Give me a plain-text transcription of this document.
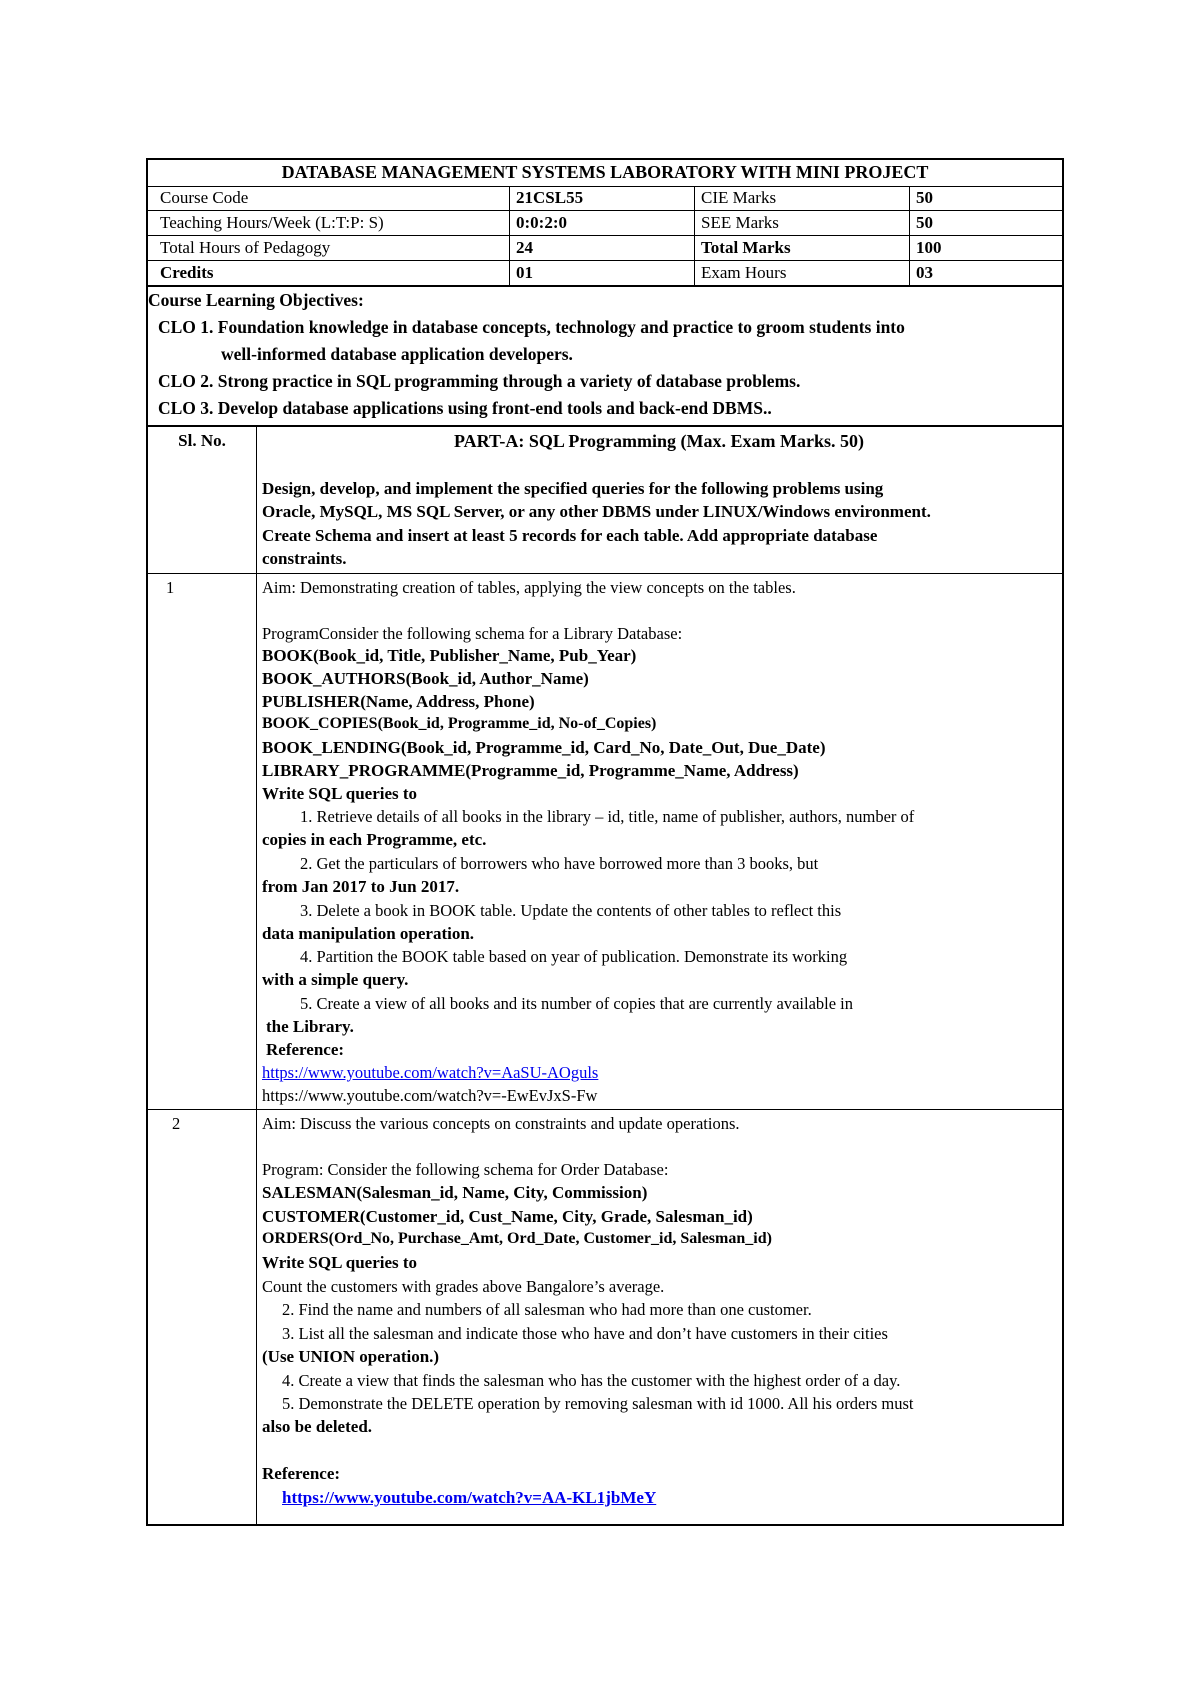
DATABASE MANAGEMENT SYSTEMS LABORATORY WITH MINI PROJECT
Course Code	21CSL55	CIE Marks	50
Teaching Hours/Week (L:T:P: S)	0:0:2:0	SEE Marks	50
Total Hours of Pedagogy	24	Total Marks	100
Credits	01	Exam Hours	03
Course Learning Objectives:
CLO 1. Foundation knowledge in database concepts, technology and practice to groom students into
well-informed database application developers.
CLO 2. Strong practice in SQL programming through a variety of database problems.
CLO 3. Develop database applications using front-end tools and back-end DBMS..
Sl. No.	PART-A: SQL Programming (Max. Exam Marks. 50)
Design, develop, and implement the specified queries for the following problems using
Oracle, MySQL, MS SQL Server, or any other DBMS under LINUX/Windows environment.
Create Schema and insert at least 5 records for each table. Add appropriate database
constraints.
1	Aim: Demonstrating creation of tables, applying the view concepts on the tables.
ProgramConsider the following schema for a Library Database:
BOOK(Book_id, Title, Publisher_Name, Pub_Year)
BOOK_AUTHORS(Book_id, Author_Name)
PUBLISHER(Name, Address, Phone)
BOOK_COPIES(Book_id, Programme_id, No-of_Copies)
BOOK_LENDING(Book_id, Programme_id, Card_No, Date_Out, Due_Date)
LIBRARY_PROGRAMME(Programme_id, Programme_Name, Address)
Write SQL queries to
1. Retrieve details of all books in the library – id, title, name of publisher, authors, number of
copies in each Programme, etc.
2. Get the particulars of borrowers who have borrowed more than 3 books, but
from Jan 2017 to Jun 2017.
3. Delete a book in BOOK table. Update the contents of other tables to reflect this
data manipulation operation.
4. Partition the BOOK table based on year of publication. Demonstrate its working
with a simple query.
5. Create a view of all books and its number of copies that are currently available in
the Library.
Reference:
https://www.youtube.com/watch?v=AaSU-AOguls
https://www.youtube.com/watch?v=-EwEvJxS-Fw
2	Aim: Discuss the various concepts on constraints and update operations.
Program: Consider the following schema for Order Database:
SALESMAN(Salesman_id, Name, City, Commission)
CUSTOMER(Customer_id, Cust_Name, City, Grade, Salesman_id)
ORDERS(Ord_No, Purchase_Amt, Ord_Date, Customer_id, Salesman_id)
Write SQL queries to
Count the customers with grades above Bangalore’s average.
2. Find the name and numbers of all salesman who had more than one customer.
3. List all the salesman and indicate those who have and don’t have customers in their cities
(Use UNION operation.)
4. Create a view that finds the salesman who has the customer with the highest order of a day.
5. Demonstrate the DELETE operation by removing salesman with id 1000. All his orders must
also be deleted.
Reference:
https://www.youtube.com/watch?v=AA-KL1jbMeY
